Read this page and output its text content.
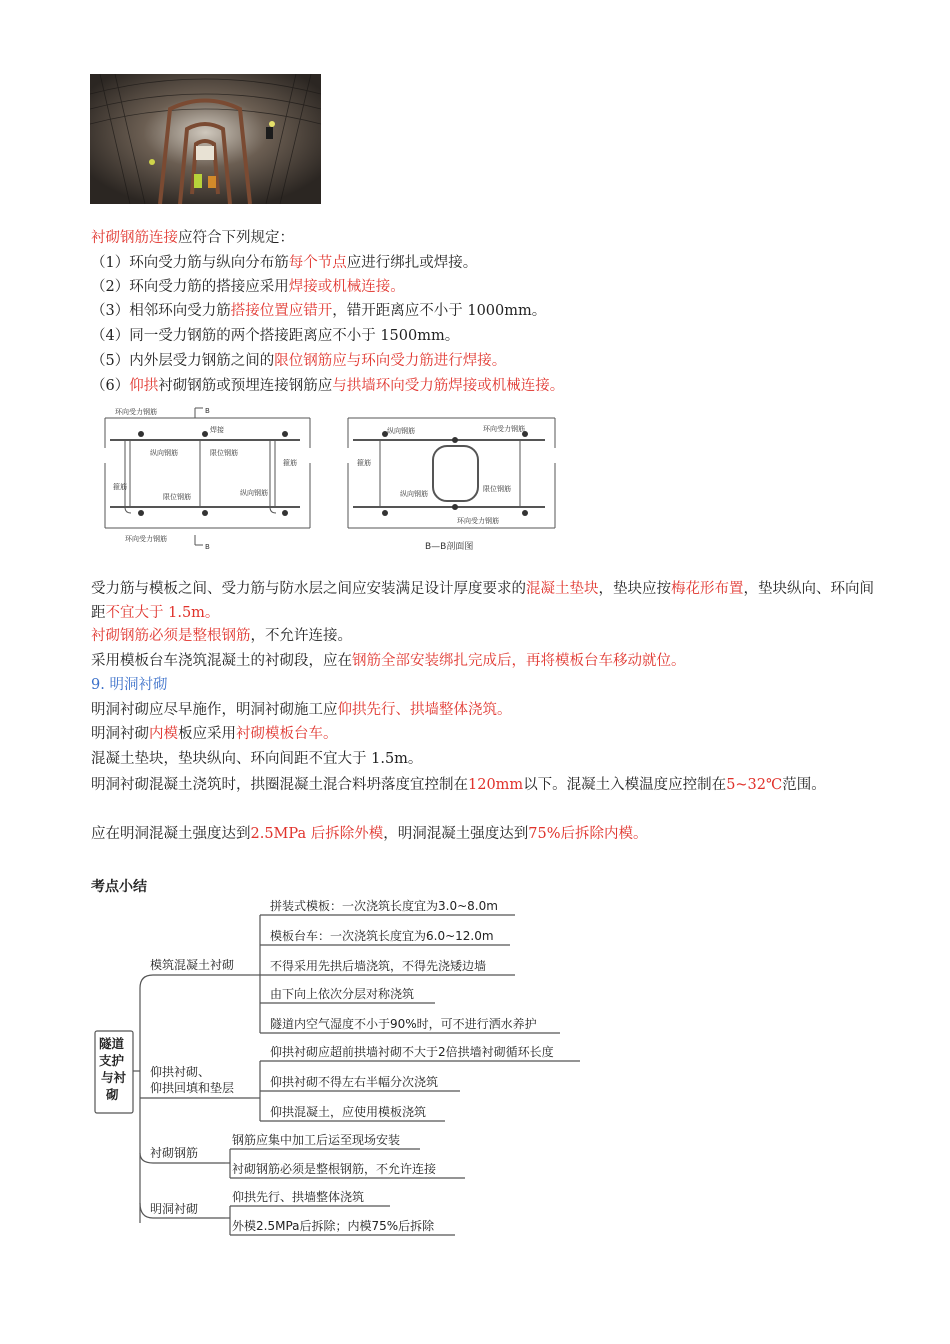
衬砌钢筋连接应符合下列规定：
（1）环向受力筋与纵向分布筋每个节点应进行绑扎或焊接。
（2）环向受力筋的搭接应采用焊接或机械连接。
（3）相邻环向受力筋搭接位置应错开，错开距离应不小于 1000mm。
（4）同一受力钢筋的两个搭接距离应不小于 1500mm。
（5）内外层受力钢筋之间的限位钢筋应与环向受力筋进行焊接。
（6）仰拱衬砌钢筋或预埋连接钢筋应与拱墙环向受力筋焊接或机械连接。
B
B
环向受力钢筋
焊接
纵向钢筋	限位钢筋
箍筋
限位钢筋	纵向钢筋
箍筋
环向受力钢筋
纵向钢筋	环向受力钢筋
箍筋
纵向钢筋
限位钢筋
环向受力钢筋
B—B剖面图
受力筋与模板之间、受力筋与防水层之间应安装满足设计厚度要求的混凝土垫块，垫块应按梅花形布置，垫块纵向、环向间距不宜大于 1.5m。
衬砌钢筋必须是整根钢筋，不允许连接。
采用模板台车浇筑混凝土的衬砌段，应在钢筋全部安装绑扎完成后，再将模板台车移动就位。
9. 明洞衬砌
明洞衬砌应尽早施作，明洞衬砌施工应仰拱先行、拱墙整体浇筑。
明洞衬砌内模板应采用衬砌模板台车。
混凝土垫块，垫块纵向、环向间距不宜大于 1.5m。
明洞衬砌混凝土浇筑时，拱圈混凝土混合料坍落度宜控制在120mm以下。混凝土入模温度应控制在5~32℃范围。
应在明洞混凝土强度达到2.5MPa 后拆除外模，明洞混凝土强度达到75%后拆除内模。
考点小结
隧道支护与衬砌
模筑混凝土衬砌
拼装式模板：一次浇筑长度宜为3.0~8.0m
模板台车：一次浇筑长度宜为6.0~12.0m
不得采用先拱后墙浇筑，不得先浇矮边墙
由下向上依次分层对称浇筑
隧道内空气湿度不小于90%时，可不进行洒水养护
仰拱衬砌、
仰拱回填和垫层
仰拱衬砌应超前拱墙衬砌不大于2倍拱墙衬砌循环长度
仰拱衬砌不得左右半幅分次浇筑
仰拱混凝土，应使用模板浇筑
衬砌钢筋
钢筋应集中加工后运至现场安装
衬砌钢筋必须是整根钢筋，不允许连接
明洞衬砌
仰拱先行、拱墙整体浇筑
外模2.5MPa后拆除；内模75%后拆除
